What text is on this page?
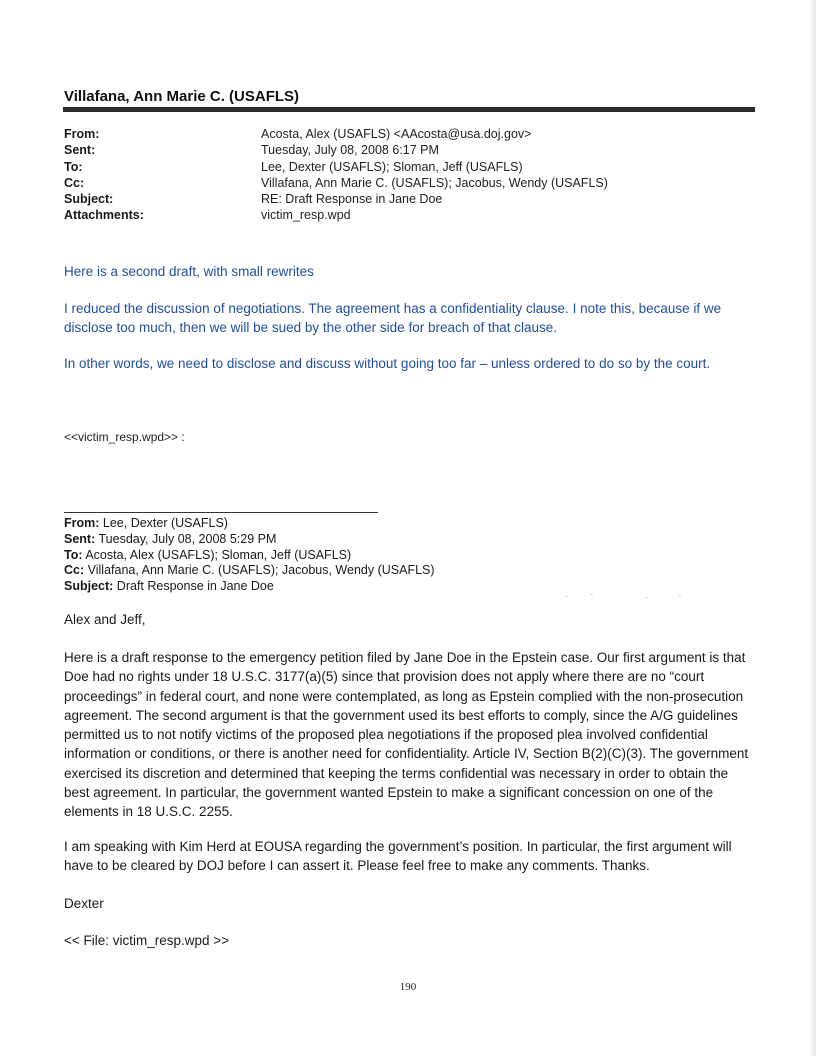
Villafana, Ann Marie C. (USAFLS)
From:	Acosta, Alex (USAFLS) <AAcosta@usa.doj.gov>
Sent:	Tuesday, July 08, 2008 6:17 PM
To:	Lee, Dexter (USAFLS); Sloman, Jeff (USAFLS)
Cc:	Villafana, Ann Marie C. (USAFLS); Jacobus, Wendy (USAFLS)
Subject:	RE: Draft Response in Jane Doe
Attachments:	victim_resp.wpd

Here is a second draft, with small rewrites

I reduced the discussion of negotiations. The agreement has a confidentiality clause. I note this, because if we disclose too much, then we will be sued by the other side for breach of that clause.

In other words, we need to disclose and discuss without going too far – unless ordered to do so by the court.

<<victim_resp.wpd>> :
From: Lee, Dexter (USAFLS)
Sent: Tuesday, July 08, 2008 5:29 PM
To: Acosta, Alex (USAFLS); Sloman, Jeff (USAFLS)
Cc: Villafana, Ann Marie C. (USAFLS); Jacobus, Wendy (USAFLS)
Subject: Draft Response in Jane Doe

Alex and Jeff,

Here is a draft response to the emergency petition filed by Jane Doe in the Epstein case. Our first argument is that Doe had no rights under 18 U.S.C. 3177(a)(5) since that provision does not apply where there are no “court proceedings” in federal court, and none were contemplated, as long as Epstein complied with the non-prosecution agreement. The second argument is that the government used its best efforts to comply, since the A/G guidelines permitted us to not notify victims of the proposed plea negotiations if the proposed plea involved confidential information or conditions, or there is another need for confidentiality. Article IV, Section B(2)(C)(3). The government exercised its discretion and determined that keeping the terms confidential was necessary in order to obtain the best agreement. In particular, the government wanted Epstein to make a significant concession on one of the elements in 18 U.S.C. 2255.

I am speaking with Kim Herd at EOUSA regarding the government’s position. In particular, the first argument will have to be cleared by DOJ before I can assert it. Please feel free to make any comments. Thanks.

Dexter

<< File: victim_resp.wpd >>

190
